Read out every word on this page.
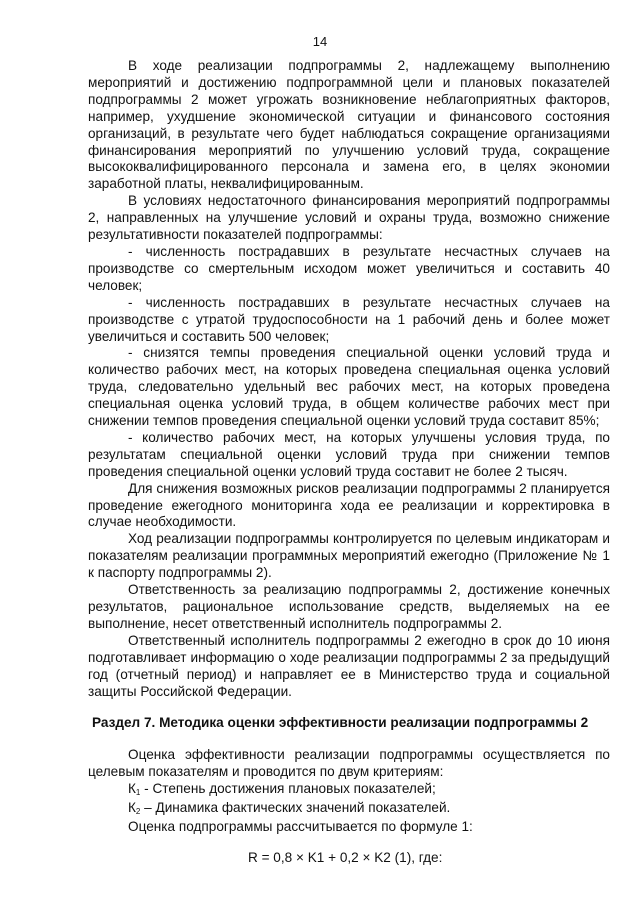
14

В ходе реализации подпрограммы 2, надлежащему выполнению мероприятий и достижению подпрограммной цели и плановых показателей подпрограммы 2 может угрожать возникновение неблагоприятных факторов, например, ухудшение экономической ситуации и финансового состояния организаций, в результате чего будет наблюдаться сокращение организациями финансирования мероприятий по улучшению условий труда, сокращение высококвалифицированного персонала и замена его, в целях экономии заработной платы, неквалифицированным.

В условиях недостаточного финансирования мероприятий подпрограммы 2, направленных на улучшение условий и охраны труда, возможно снижение результативности показателей подпрограммы:

- численность пострадавших в результате несчастных случаев на производстве со смертельным исходом может увеличиться и составить 40 человек;

- численность пострадавших в результате несчастных случаев на производстве с утратой трудоспособности на 1 рабочий день и более может увеличиться и составить 500 человек;

- снизятся темпы проведения специальной оценки условий труда и количество рабочих мест, на которых проведена специальная оценка условий труда, следовательно удельный вес рабочих мест, на которых проведена специальная оценка условий труда, в общем количестве рабочих мест при снижении темпов проведения специальной оценки условий труда составит 85%;

- количество рабочих мест, на которых улучшены условия труда, по результатам специальной оценки условий труда при снижении темпов проведения специальной оценки условий труда составит не более 2 тысяч.

Для снижения возможных рисков реализации подпрограммы 2 планируется проведение ежегодного мониторинга хода ее реализации и корректировка в случае необходимости.

Ход реализации подпрограммы контролируется по целевым индикаторам и показателям реализации программных мероприятий ежегодно (Приложение № 1 к паспорту подпрограммы 2).

Ответственность за реализацию подпрограммы 2, достижение конечных результатов, рациональное использование средств, выделяемых на ее выполнение, несет ответственный исполнитель подпрограммы 2.

Ответственный исполнитель подпрограммы 2 ежегодно в срок до 10 июня подготавливает информацию о ходе реализации подпрограммы 2 за предыдущий год (отчетный период) и направляет ее в Министерство труда и социальной защиты Российской Федерации.

Раздел 7. Методика оценки эффективности реализации подпрограммы 2

Оценка эффективности реализации подпрограммы осуществляется по целевым показателям и проводится по двум критериям:

$К_1$ - Степень достижения плановых показателей;

$К_2$ – Динамика фактических значений показателей.

Оценка подпрограммы рассчитывается по формуле 1:

R = 0,8 × K1 + 0,2 × K2 (1), где:
